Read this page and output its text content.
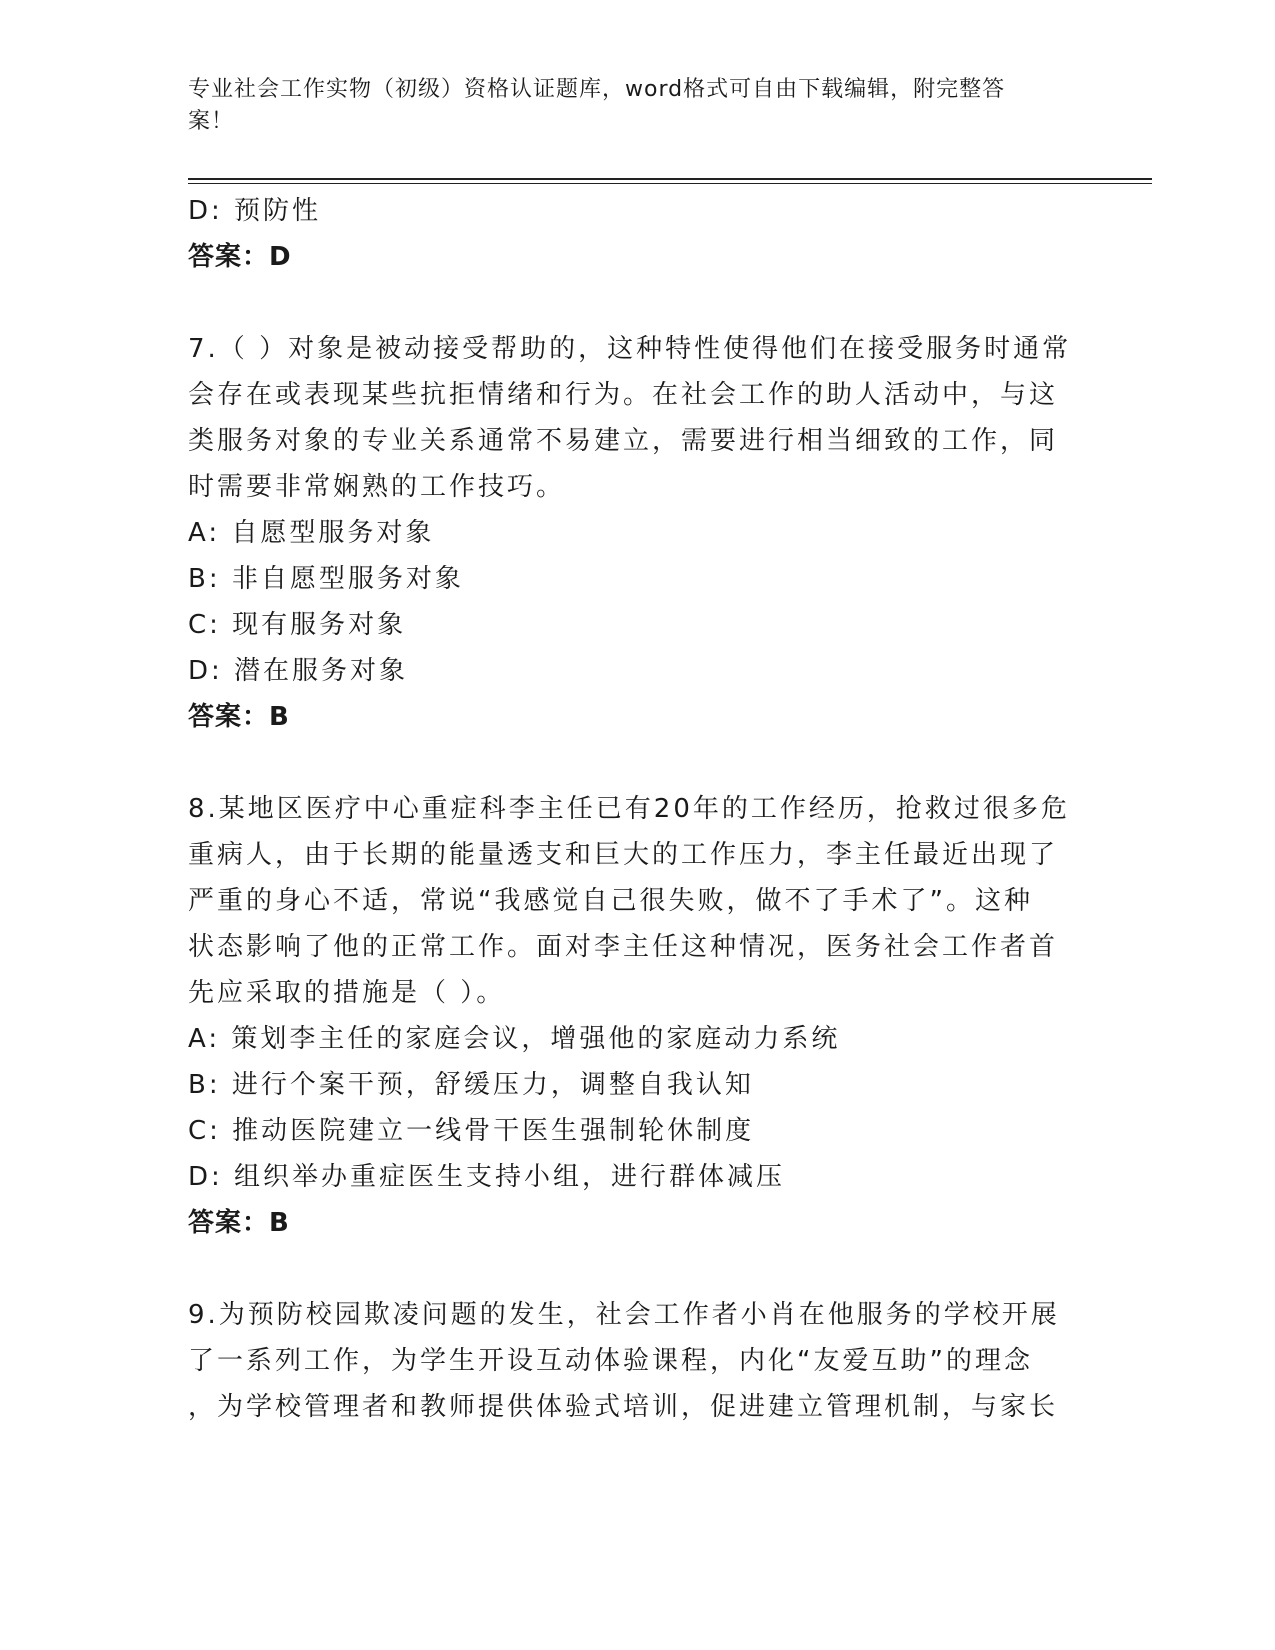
专业社会工作实物（初级）资格认证题库，word格式可自由下载编辑，附完整答
案！

D: 预防性

答案：D

7.（ ）对象是被动接受帮助的，这种特性使得他们在接受服务时通常

会存在或表现某些抗拒情绪和行为。在社会工作的助人活动中，与这

类服务对象的专业关系通常不易建立，需要进行相当细致的工作，同

时需要非常娴熟的工作技巧。

A: 自愿型服务对象

B: 非自愿型服务对象

C: 现有服务对象

D: 潜在服务对象

答案：B

8.某地区医疗中心重症科李主任已有20年的工作经历，抢救过很多危

重病人，由于长期的能量透支和巨大的工作压力，李主任最近出现了

严重的身心不适，常说“我感觉自己很失败，做不了手术了”。这种

状态影响了他的正常工作。面对李主任这种情况，医务社会工作者首

先应采取的措施是（ ）。

A: 策划李主任的家庭会议，增强他的家庭动力系统

B: 进行个案干预，舒缓压力，调整自我认知

C: 推动医院建立一线骨干医生强制轮休制度

D: 组织举办重症医生支持小组，进行群体减压

答案：B

9.为预防校园欺凌问题的发生，社会工作者小肖在他服务的学校开展

了一系列工作，为学生开设互动体验课程，内化“友爱互助”的理念

，为学校管理者和教师提供体验式培训，促进建立管理机制，与家长
